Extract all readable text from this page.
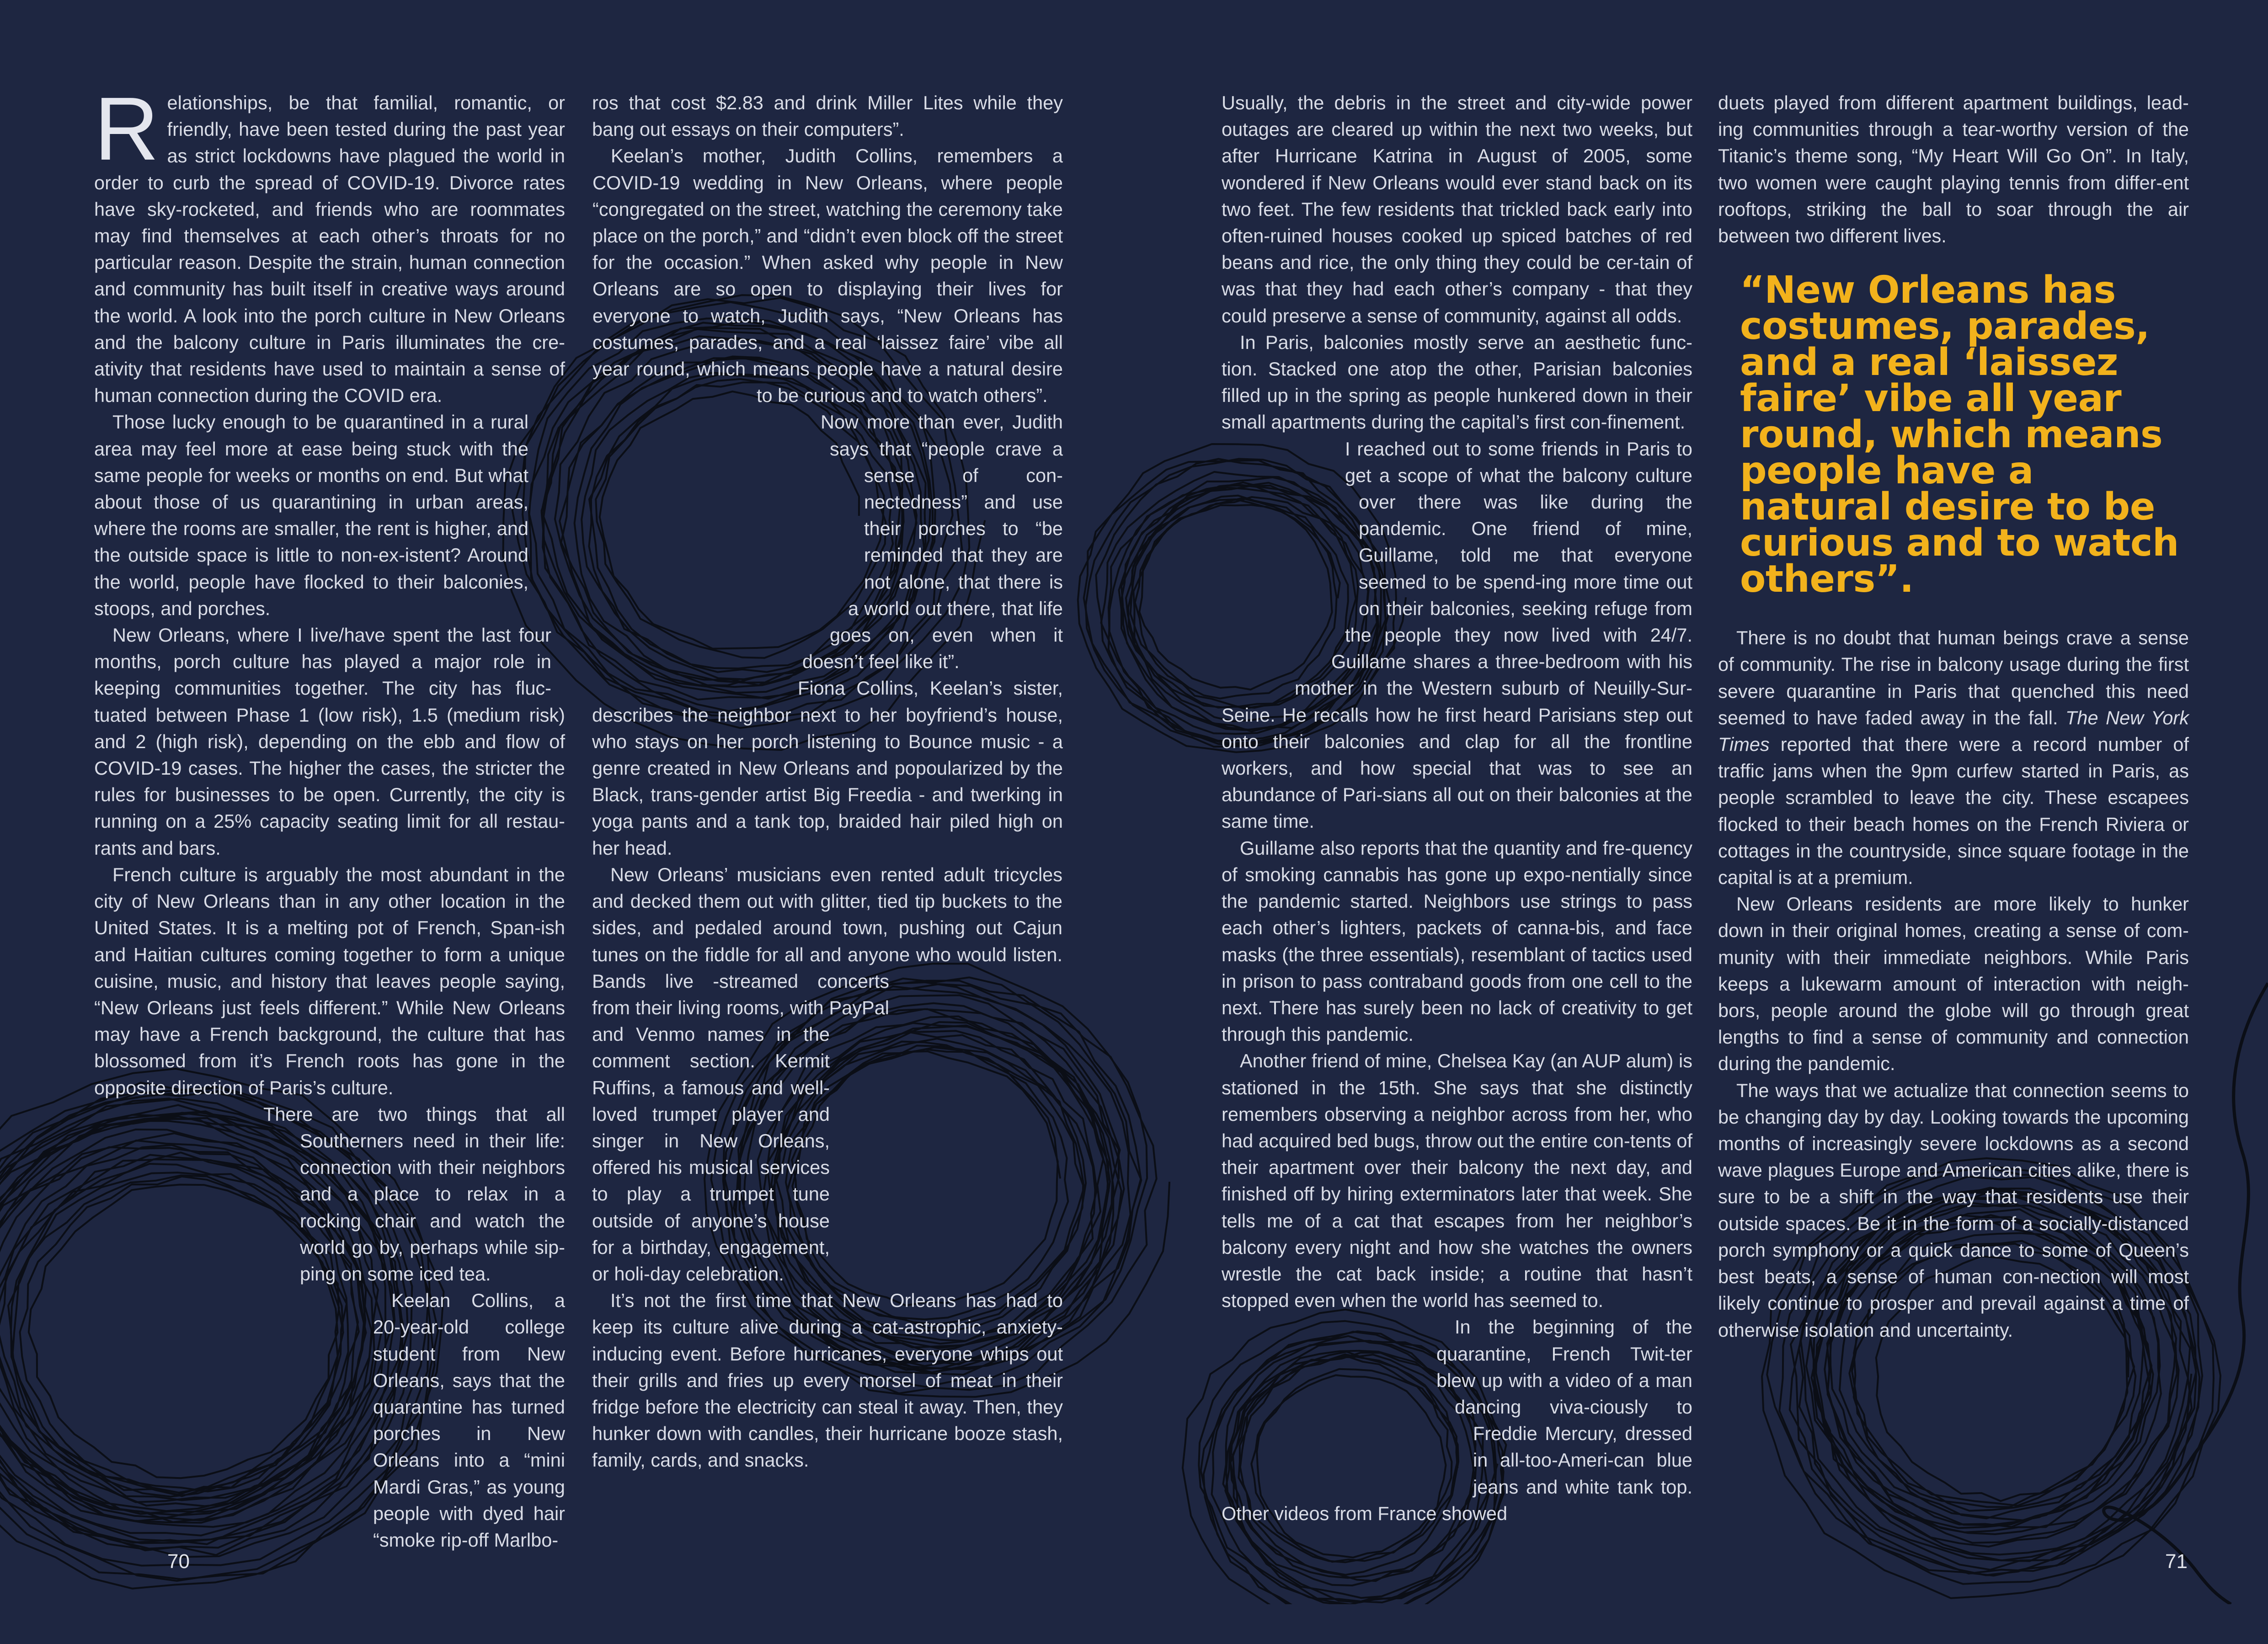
Relationships, be that familial, romantic, or friendly, have been tested during the past year as strict lockdowns have plagued the world in order to curb the spread of COVID-19. Divorce rates have sky-rocketed, and friends who are roommates may find themselves at each other’s throats for no particular reason. Despite the strain, human connection and community has built itself in creative ways around the world. A look into the porch culture in New Orleans and the balcony culture in Paris illuminates the cre-ativity that residents have used to maintain a sense of human connection during the COVID era.

Those lucky enough to be quarantined in a rural area may feel more at ease being stuck with the same people for weeks or months on end. But what about those of us quarantining in urban areas, where the rooms are smaller, the rent is higher, and the outside space is little to non-ex-istent? Around the world, people have flocked to their balconies, stoops, and porches.

New Orleans, where I live/have spent the last four months, porch culture has played a major role in keeping communities together. The city has fluc-tuated between Phase 1 (low risk), 1.5 (medium risk) and 2 (high risk), depending on the ebb and flow of COVID-19 cases. The higher the cases, the stricter the rules for businesses to be open. Currently, the city is running on a 25% capacity seating limit for all restau-rants and bars.

French culture is arguably the most abundant in the city of New Orleans than in any other location in the United States. It is a melting pot of French, Span-ish and Haitian cultures coming together to form a unique cuisine, music, and history that leaves people saying, “New Orleans just feels different.” While New Orleans may have a French background, the culture that has blossomed from it’s French roots has gone in the opposite direction of Paris’s culture.

There are two things that all Southerners need in their life: connection with their neighbors and a place to relax in a rocking chair and watch the world go by, perhaps while sip-ping on some iced tea.

Keelan Collins, a 20-year-old college student from New Orleans, says that the quarantine has turned porches in New Orleans into a “mini Mardi Gras,” as young people with dyed hair “smoke rip-off Marlbo-

ros that cost $2.83 and drink Miller Lites while they bang out essays on their computers”.

Keelan’s mother, Judith Collins, remembers a COVID-19 wedding in New Orleans, where people “congregated on the street, watching the ceremony take place on the porch,” and “didn’t even block off the street for the occasion.” When asked why people in New Orleans are so open to displaying their lives for everyone to watch, Judith says, “New Orleans has costumes, parades, and a real ‘laissez faire’ vibe all year round, which means people have a natural desire to be curious and to watch others”.

Now more than ever, Judith says that “people crave a sense of con-nectedness” and use their porches to “be reminded that they are not alone, that there is a world out there, that life goes on, even when it doesn’t feel like it”.

Fiona Collins, Keelan’s sister, describes the neighbor next to her boyfriend’s house, who stays on her porch listening to Bounce music - a genre created in New Orleans and popoularized by the Black, trans-gender artist Big Freedia - and twerking in yoga pants and a tank top, braided hair piled high on her head.

New Orleans’ musicians even rented adult tricycles and decked them out with glitter, tied tip buckets to the sides, and pedaled around town, pushing out Cajun tunes on the fiddle for all and anyone who would listen. Bands live -streamed concerts from their living rooms, with PayPal and Venmo names in the comment section. Kermit Ruffins, a famous and well-loved trumpet player and singer in New Orleans, offered his musical services to play a trumpet tune outside of anyone’s house for a birthday, engagement, or holi-day celebration.

It’s not the first time that New Orleans has had to keep its culture alive during a cat-astrophic, anxiety-inducing event. Before hurricanes, everyone whips out their grills and fries up every morsel of meat in their fridge before the electricity can steal it away. Then, they hunker down with candles, their hurricane booze stash, family, cards, and snacks.

Usually, the debris in the street and city-wide power outages are cleared up within the next two weeks, but after Hurricane Katrina in August of 2005, some wondered if New Orleans would ever stand back on its two feet. The few residents that trickled back early into often-ruined houses cooked up spiced batches of red beans and rice, the only thing they could be cer-tain of was that they had each other’s company - that they could preserve a sense of community, against all odds.

In Paris, balconies mostly serve an aesthetic func-tion. Stacked one atop the other, Parisian balconies filled up in the spring as people hunkered down in their small apartments during the capital’s first con-finement.

I reached out to some friends in Paris to get a scope of what the balcony culture over there was like during the pandemic. One friend of mine, Guillame, told me that everyone seemed to be spend-ing more time out on their balconies, seeking refuge from the people they now lived with 24/7. Guillame shares a three-bedroom with his mother in the Western suburb of Neuilly-Sur-Seine. He recalls how he first heard Parisians step out onto their balconies and clap for all the frontline workers, and how special that was to see an abundance of Pari-sians all out on their balconies at the same time.

Guillame also reports that the quantity and fre-quency of smoking cannabis has gone up expo-nentially since the pandemic started. Neighbors use strings to pass each other’s lighters, packets of canna-bis, and face masks (the three essentials), resemblant of tactics used in prison to pass contraband goods from one cell to the next. There has surely been no lack of creativity to get through this pandemic.

Another friend of mine, Chelsea Kay (an AUP alum) is stationed in the 15th. She says that she distinctly remembers observing a neighbor across from her, who had acquired bed bugs, throw out the entire con-tents of their apartment over their balcony the next day, and finished off by hiring exterminators later that week. She tells me of a cat that escapes from her neighbor’s balcony every night and how she watches the owners wrestle the cat back inside; a routine that hasn’t stopped even when the world has seemed to.

In the beginning of the quarantine, French Twit-ter blew up with a video of a man dancing viva-ciously to Freddie Mercury, dressed in all-too-Ameri-can blue jeans and white tank top. Other videos from France showed

duets played from different apartment buildings, lead-ing communities through a tear-worthy version of the Titanic’s theme song, “My Heart Will Go On”. In Italy, two women were caught playing tennis from differ-ent rooftops, striking the ball to soar through the air between two different lives.

“New Orleans has costumes, parades, and a real ‘laissez faire’ vibe all year round, which means people have a natural desire to be curious and to watch others”.

There is no doubt that human beings crave a sense of community. The rise in balcony usage during the first severe quarantine in Paris that quenched this need seemed to have faded away in the fall. The New York Times reported that there were a record number of traffic jams when the 9pm curfew started in Paris, as people scrambled to leave the city. These escapees flocked to their beach homes on the French Riviera or cottages in the countryside, since square footage in the capital is at a premium.

New Orleans residents are more likely to hunker down in their original homes, creating a sense of com-munity with their immediate neighbors. While Paris keeps a lukewarm amount of interaction with neigh-bors, people around the globe will go through great lengths to find a sense of community and connection during the pandemic.

The ways that we actualize that connection seems to be changing day by day. Looking towards the upcoming months of increasingly severe lockdowns as a second wave plagues Europe and American cities alike, there is sure to be a shift in the way that residents use their outside spaces. Be it in the form of a socially-distanced porch symphony or a quick dance to some of Queen’s best beats, a sense of human con-nection will most likely continue to prosper and prevail against a time of otherwise isolation and uncertainty.

70	71
